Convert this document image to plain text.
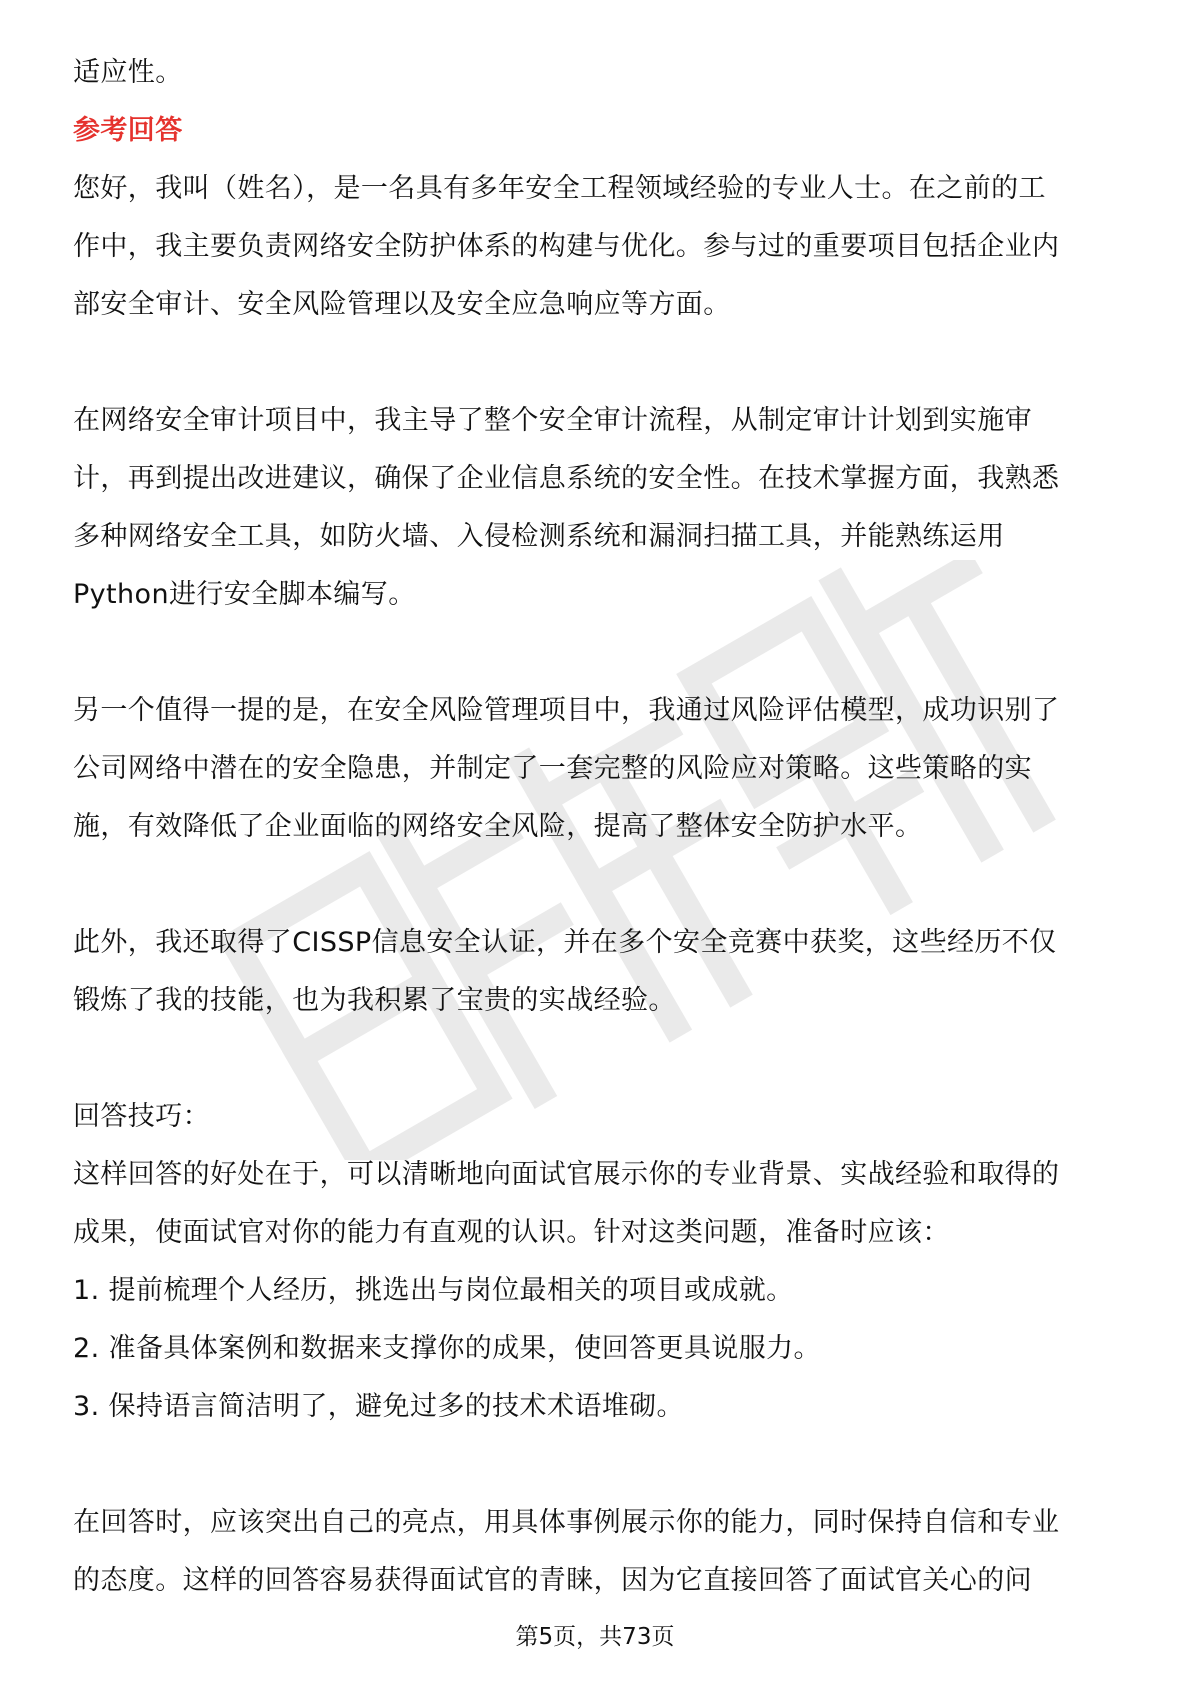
适应性。

参考回答

您好，我叫（姓名），是一名具有多年安全工程领域经验的专业人士。在之前的工

作中，我主要负责网络安全防护体系的构建与优化。参与过的重要项目包括企业内

部安全审计、安全风险管理以及安全应急响应等方面。

在网络安全审计项目中，我主导了整个安全审计流程，从制定审计计划到实施审

计，再到提出改进建议，确保了企业信息系统的安全性。在技术掌握方面，我熟悉

多种网络安全工具，如防火墙、入侵检测系统和漏洞扫描工具，并能熟练运用

Python进行安全脚本编写。

另一个值得一提的是，在安全风险管理项目中，我通过风险评估模型，成功识别了

公司网络中潜在的安全隐患，并制定了一套完整的风险应对策略。这些策略的实

施，有效降低了企业面临的网络安全风险，提高了整体安全防护水平。

此外，我还取得了CISSP信息安全认证，并在多个安全竞赛中获奖，这些经历不仅

锻炼了我的技能，也为我积累了宝贵的实战经验。

回答技巧：

这样回答的好处在于，可以清晰地向面试官展示你的专业背景、实战经验和取得的

成果，使面试官对你的能力有直观的认识。针对这类问题，准备时应该：

1. 提前梳理个人经历，挑选出与岗位最相关的项目或成就。

2. 准备具体案例和数据来支撑你的成果，使回答更具说服力。

3. 保持语言简洁明了，避免过多的技术术语堆砌。

在回答时，应该突出自己的亮点，用具体事例展示你的能力，同时保持自信和专业

的态度。这样的回答容易获得面试官的青睐，因为它直接回答了面试官关心的问

第5页，共73页
